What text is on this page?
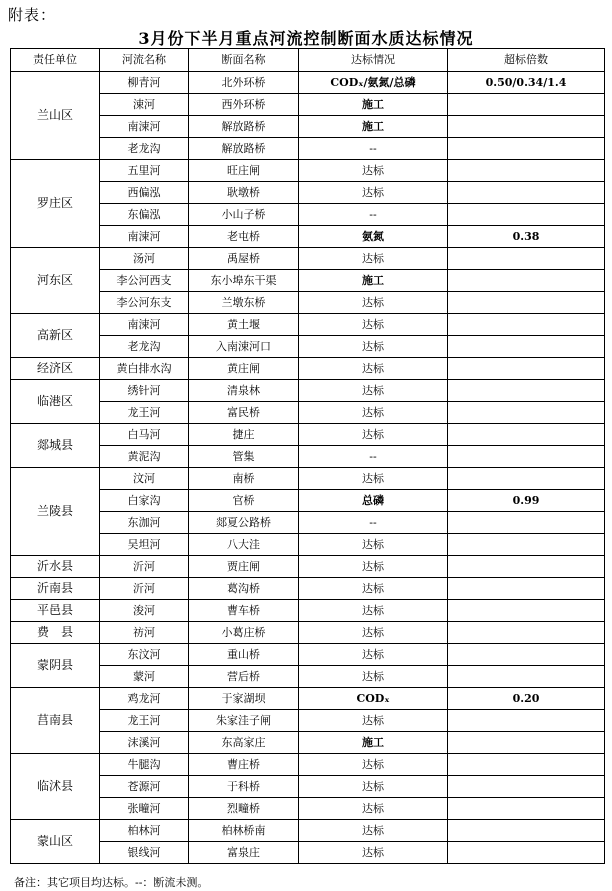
附表：
3月份下半月重点河流控制断面水质达标情况
责任单位	河流名称	断面名称	达标情况	超标倍数
兰山区	柳青河	北外环桥	CODₓ/氨氮/总磷	0.50/0.34/1.4
	涑河	西外环桥	施工	
	南涑河	解放路桥	施工	
	老龙沟	解放路桥	--	
罗庄区	五里河	旺庄闸	达标	
	西偏泓	耿墩桥	达标	
	东偏泓	小山子桥	--	
	南涑河	老屯桥	氨氮	0.38
河东区	汤河	禹屋桥	达标	
	李公河西支	东小埠东干渠	施工	
	李公河东支	兰墩东桥	达标	
高新区	南涑河	黄土堰	达标	
	老龙沟	入南涑河口	达标	
经济区	黄白排水沟	黄庄闸	达标	
临港区	绣针河	清泉林	达标	
	龙王河	富民桥	达标	
郯城县	白马河	捷庄	达标	
	黄泥沟	管集	--	
兰陵县	汶河	南桥	达标	
	白家沟	官桥	总磷	0.99
	东泇河	郯夏公路桥	--	
	吴坦河	八大洼	达标	
沂水县	沂河	贾庄闸	达标	
沂南县	沂河	葛沟桥	达标	
平邑县	浚河	曹车桥	达标	
费　县	祊河	小葛庄桥	达标	
蒙阴县	东汶河	重山桥	达标	
	蒙河	营后桥	达标	
莒南县	鸡龙河	于家湖坝	CODₓ	0.20
	龙王河	朱家洼子闸	达标	
	沫溪河	东高家庄	施工	
临沭县	牛腿沟	曹庄桥	达标	
	苍源河	于科桥	达标	
	张疃河	烈疃桥	达标	
蒙山区	柏林河	柏林桥南	达标	
	银线河	富泉庄	达标	
备注：其它项目均达标。--：断流未测。
